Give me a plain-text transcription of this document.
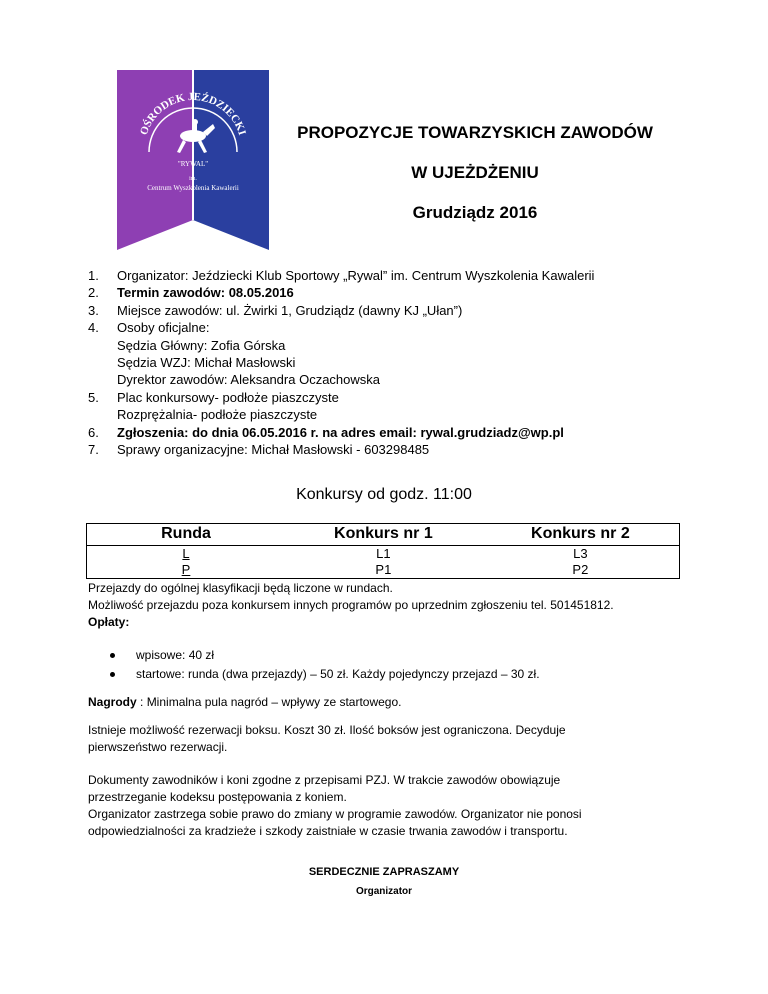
OŚRODEK JEŹDZIECKI
"RYWAL"
im.
Centrum Wyszkolenia Kawalerii
PROPOZYCJE TOWARZYSKICH ZAWODÓW
W UJEŻDŻENIU
Grudziądz 2016
1.	Organizator: Jeździecki Klub Sportowy „Rywal” im. Centrum Wyszkolenia Kawalerii
2.	Termin zawodów: 08.05.2016
3.	Miejsce zawodów: ul. Żwirki 1, Grudziądz (dawny KJ „Ułan”)
4.	Osoby oficjalne:
Sędzia Główny: Zofia Górska
Sędzia WZJ: Michał Masłowski
Dyrektor zawodów: Aleksandra Oczachowska
5.	Plac konkursowy- podłoże piaszczyste
Rozprężalnia- podłoże piaszczyste
6.	Zgłoszenia: do dnia 06.05.2016 r. na adres email: rywal.grudziadz@wp.pl
7.	Sprawy organizacyjne: Michał Masłowski - 603298485
Konkursy od godz. 11:00
Runda	Konkurs nr 1	Konkurs nr 2
L	L1	L3
P	P1	P2
Przejazdy do ogólnej klasyfikacji będą liczone w rundach.
Możliwość przejazdu poza konkursem innych programów po uprzednim zgłoszeniu tel. 501451812.
Opłaty:
wpisowe: 40 zł
startowe: runda (dwa przejazdy) – 50 zł. Każdy pojedynczy przejazd – 30 zł.
Nagrody : Minimalna pula nagród – wpływy ze startowego.
Istnieje możliwość rezerwacji boksu. Koszt 30 zł. Ilość boksów jest ograniczona. Decyduje pierwszeństwo rezerwacji.
Dokumenty zawodników i koni zgodne z przepisami PZJ. W trakcie zawodów obowiązuje przestrzeganie kodeksu postępowania z koniem.
Organizator zastrzega sobie prawo do zmiany w programie zawodów. Organizator nie ponosi odpowiedzialności za kradzieże i szkody zaistniałe w czasie trwania zawodów i transportu.
SERDECZNIE ZAPRASZAMY
Organizator
